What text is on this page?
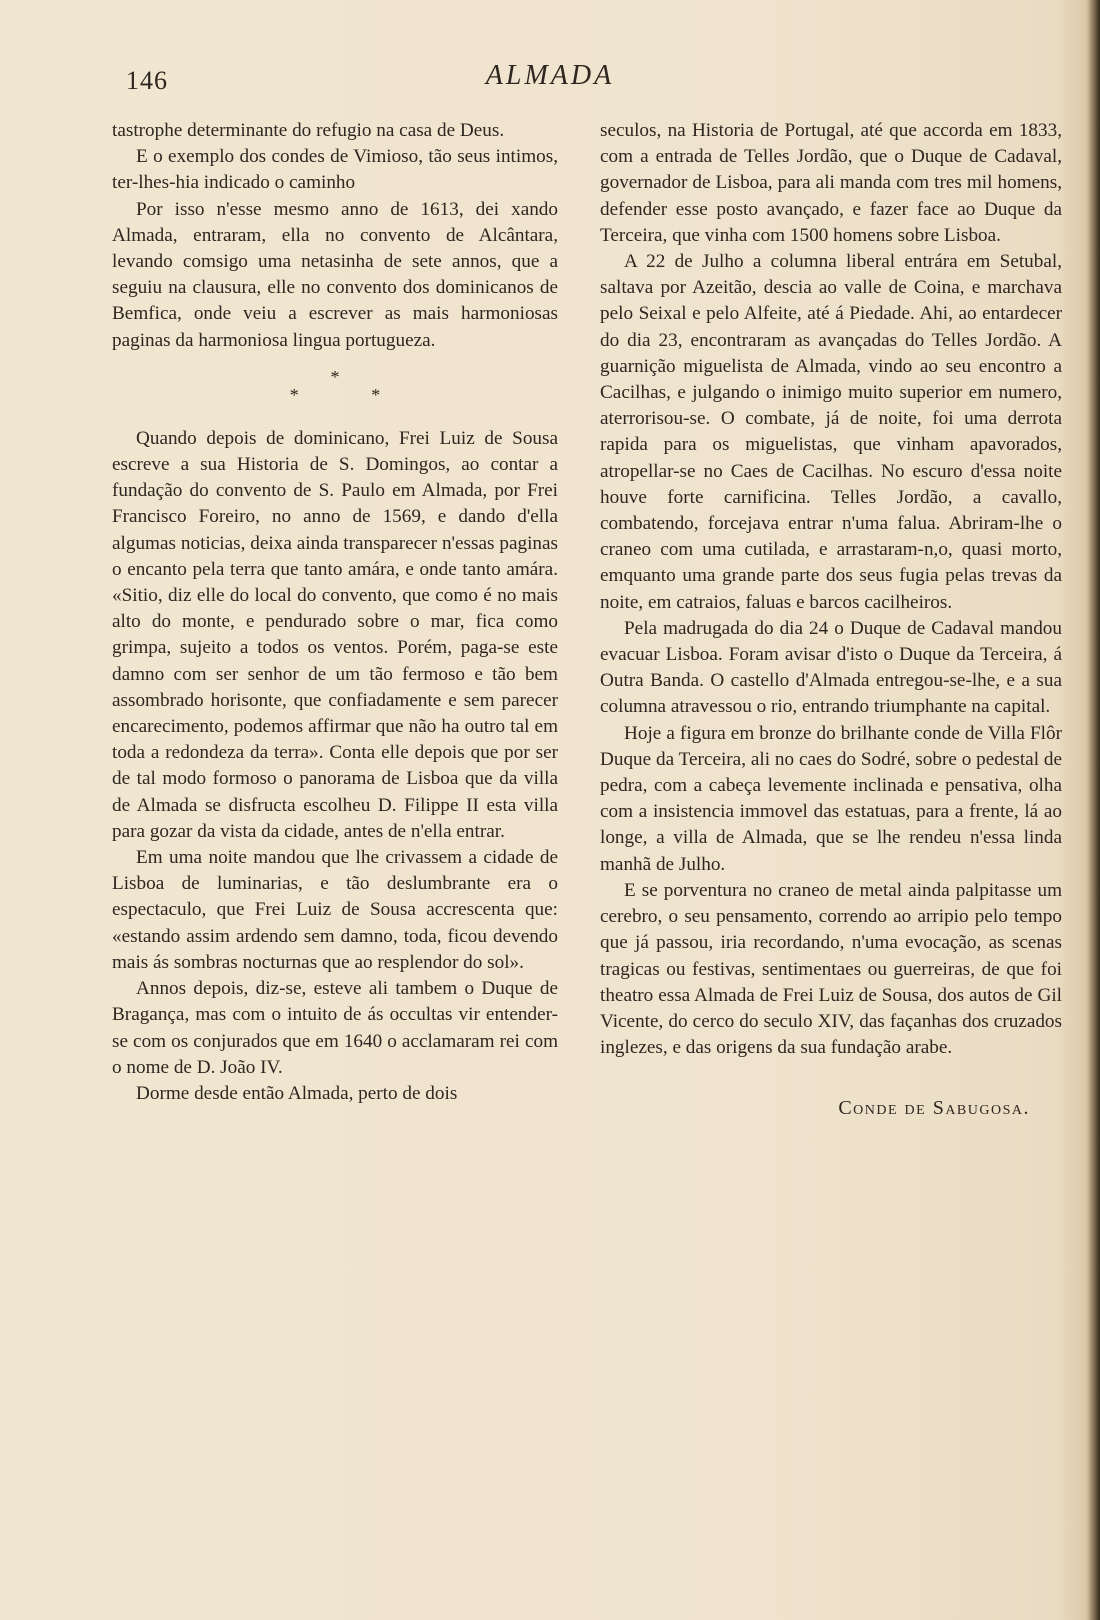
146	ALMADA

tastrophe determinante do refugio na casa de Deus.

E o exemplo dos condes de Vimioso, tão seus intimos, ter-lhes-hia indicado o caminho

Por isso n'esse mesmo anno de 1613, dei xando Almada, entraram, ella no convento de Alcântara, levando comsigo uma netasinha de sete annos, que a seguiu na clausura, elle no convento dos dominicanos de Bemfica, onde veiu a escrever as mais harmoniosas paginas da harmoniosa lingua portugueza.

*
* *

Quando depois de dominicano, Frei Luiz de Sousa escreve a sua Historia de S. Domingos, ao contar a fundação do convento de S. Paulo em Almada, por Frei Francisco Foreiro, no anno de 1569, e dando d'ella algumas noticias, deixa ainda transparecer n'essas paginas o encanto pela terra que tanto amára, e onde tanto amára. «Sitio, diz elle do local do convento, que como é no mais alto do monte, e pendurado sobre o mar, fica como grimpa, sujeito a todos os ventos. Porém, paga-se este damno com ser senhor de um tão fermoso e tão bem assombrado horisonte, que confiadamente e sem parecer encarecimento, podemos affirmar que não ha outro tal em toda a redondeza da terra». Conta elle depois que por ser de tal modo formoso o panorama de Lisboa que da villa de Almada se disfructa escolheu D. Filippe II esta villa para gozar da vista da cidade, antes de n'ella entrar.

Em uma noite mandou que lhe crivassem a cidade de Lisboa de luminarias, e tão deslumbrante era o espectaculo, que Frei Luiz de Sousa accrescenta que: «estando assim ardendo sem damno, toda, ficou devendo mais ás sombras nocturnas que ao resplendor do sol».

Annos depois, diz-se, esteve ali tambem o Duque de Bragança, mas com o intuito de ás occultas vir entender-se com os conjurados que em 1640 o acclamaram rei com o nome de D. João IV.

Dorme desde então Almada, perto de dois

seculos, na Historia de Portugal, até que accorda em 1833, com a entrada de Telles Jordão, que o Duque de Cadaval, governador de Lisboa, para ali manda com tres mil homens, defender esse posto avançado, e fazer face ao Duque da Terceira, que vinha com 1500 homens sobre Lisboa.

A 22 de Julho a columna liberal entrára em Setubal, saltava por Azeitão, descia ao valle de Coina, e marchava pelo Seixal e pelo Alfeite, até á Piedade. Ahi, ao entardecer do dia 23, encontraram as avançadas do Telles Jordão. A guarnição miguelista de Almada, vindo ao seu encontro a Cacilhas, e julgando o inimigo muito superior em numero, aterrorisou-se. O combate, já de noite, foi uma derrota rapida para os miguelistas, que vinham apavorados, atropellar-se no Caes de Cacilhas. No escuro d'essa noite houve forte carnificina. Telles Jordão, a cavallo, combatendo, forcejava entrar n'uma falua. Abriram-lhe o craneo com uma cutilada, e arrastaram-n,o, quasi morto, emquanto uma grande parte dos seus fugia pelas trevas da noite, em catraios, faluas e barcos cacilheiros.

Pela madrugada do dia 24 o Duque de Cadaval mandou evacuar Lisboa. Foram avisar d'isto o Duque da Terceira, á Outra Banda. O castello d'Almada entregou-se-lhe, e a sua columna atravessou o rio, entrando triumphante na capital.

Hoje a figura em bronze do brilhante conde de Villa Flôr Duque da Terceira, ali no caes do Sodré, sobre o pedestal de pedra, com a cabeça levemente inclinada e pensativa, olha com a insistencia immovel das estatuas, para a frente, lá ao longe, a villa de Almada, que se lhe rendeu n'essa linda manhã de Julho.

E se porventura no craneo de metal ainda palpitasse um cerebro, o seu pensamento, correndo ao arripio pelo tempo que já passou, iria recordando, n'uma evocação, as scenas tragicas ou festivas, sentimentaes ou guerreiras, de que foi theatro essa Almada de Frei Luiz de Sousa, dos autos de Gil Vicente, do cerco do seculo XIV, das façanhas dos cruzados inglezes, e das origens da sua fundação arabe.

Conde de Sabugosa.
